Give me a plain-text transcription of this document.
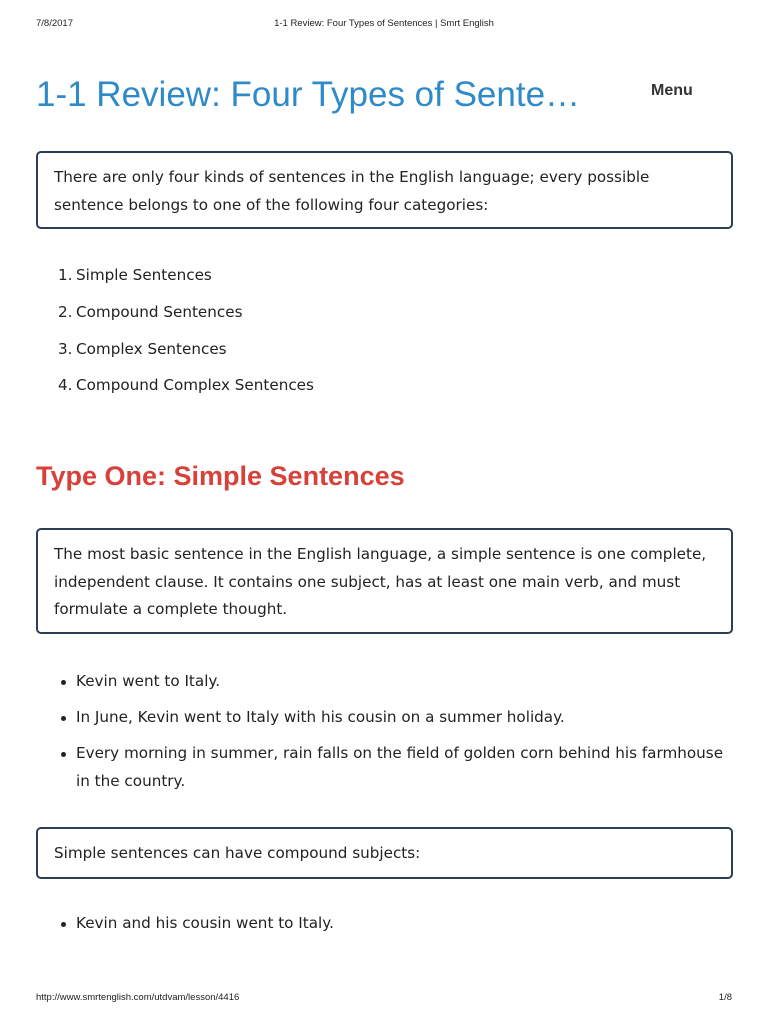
7/8/2017	1-1 Review: Four Types of Sentences | Smrt English
1-1 Review: Four Types of Sente…	Menu
There are only four kinds of sentences in the English language; every possible sentence belongs to one of the following four categories:
1. Simple Sentences
2. Compound Sentences
3. Complex Sentences
4. Compound Complex Sentences
Type One: Simple Sentences
The most basic sentence in the English language, a simple sentence is one complete, independent clause. It contains one subject, has at least one main verb, and must formulate a complete thought.
Kevin went to Italy.
In June, Kevin went to Italy with his cousin on a summer holiday.
Every morning in summer, rain falls on the field of golden corn behind his farmhouse in the country.
Simple sentences can have compound subjects:
Kevin and his cousin went to Italy.
http://www.smrtenglish.com/utdvam/lesson/4416	1/8
